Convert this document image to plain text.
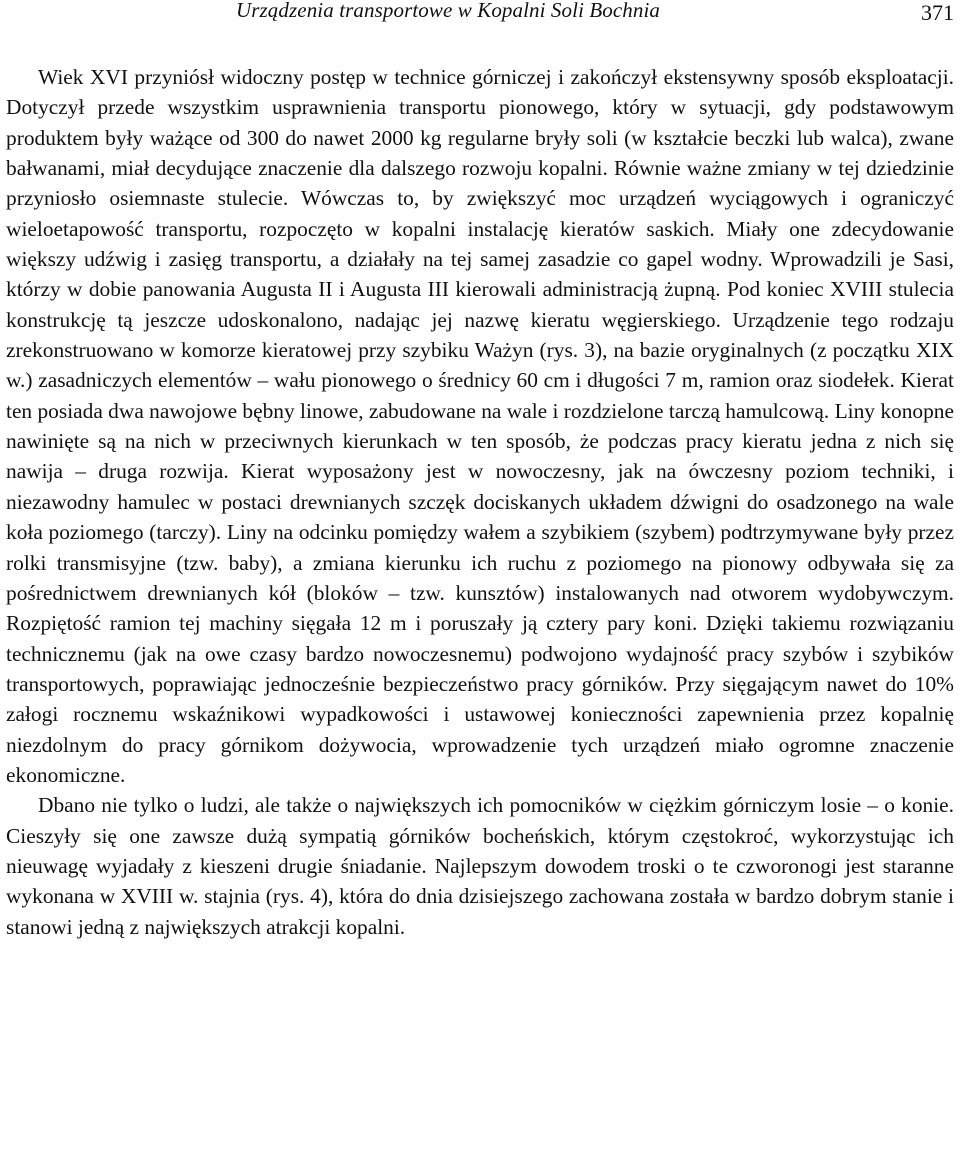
Urządzenia transportowe w Kopalni Soli Bochnia	371

Wiek XVI przyniósł widoczny postęp w technice górniczej i zakończył ekstensywny sposób eksploatacji. Dotyczył przede wszystkim usprawnienia transportu pionowego, który w sytuacji, gdy podstawowym produktem były ważące od 300 do nawet 2000 kg regularne bryły soli (w kształcie beczki lub walca), zwane bałwanami, miał decydujące znaczenie dla dalszego rozwoju kopalni. Równie ważne zmiany w tej dziedzinie przyniosło osiemnaste stulecie. Wówczas to, by zwiększyć moc urządzeń wyciągowych i ograniczyć wieloetapowość transportu, rozpoczęto w kopalni instalację kieratów saskich. Miały one zdecydowanie większy udźwig i zasięg transportu, a działały na tej samej zasadzie co gapel wodny. Wprowadzili je Sasi, którzy w dobie panowania Augusta II i Augusta III kierowali administracją żupną. Pod koniec XVIII stulecia konstrukcję tą jeszcze udoskonalono, nadając jej nazwę kieratu węgierskiego. Urządzenie tego rodzaju zrekonstruowano w komorze kieratowej przy szybiku Ważyn (rys. 3), na bazie oryginalnych (z początku XIX w.) zasadniczych elementów – wału pionowego o średnicy 60 cm i długości 7 m, ramion oraz siodełek. Kierat ten posiada dwa nawojowe bębny linowe, zabudowane na wale i rozdzielone tarczą hamulcową. Liny konopne nawinięte są na nich w przeciwnych kierunkach w ten sposób, że podczas pracy kieratu jedna z nich się nawija – druga rozwija. Kierat wyposażony jest w nowoczesny, jak na ówczesny poziom techniki, i niezawodny hamulec w postaci drewnianych szczęk dociskanych układem dźwigni do osadzonego na wale koła poziomego (tarczy). Liny na odcinku pomiędzy wałem a szybikiem (szybem) podtrzymywane były przez rolki transmisyjne (tzw. baby), a zmiana kierunku ich ruchu z poziomego na pionowy odbywała się za pośrednictwem drewnianych kół (bloków – tzw. kunsztów) instalowanych nad otworem wydobywczym. Rozpiętość ramion tej machiny sięgała 12 m i poruszały ją cztery pary koni. Dzięki takiemu rozwiązaniu technicznemu (jak na owe czasy bardzo nowoczesnemu) podwojono wydajność pracy szybów i szybików transportowych, poprawiając jednocześnie bezpieczeństwo pracy górników. Przy sięgającym nawet do 10% załogi rocznemu wskaźnikowi wypadkowości i ustawowej konieczności zapewnienia przez kopalnię niezdolnym do pracy górnikom dożywocia, wprowadzenie tych urządzeń miało ogromne znaczenie ekonomiczne.

Dbano nie tylko o ludzi, ale także o największych ich pomocników w ciężkim górniczym losie – o konie. Cieszyły się one zawsze dużą sympatią górników bocheńskich, którym częstokroć, wykorzystując ich nieuwagę wyjadały z kieszeni drugie śniadanie. Najlepszym dowodem troski o te czworonogi jest staranne wykonana w XVIII w. stajnia (rys. 4), która do dnia dzisiejszego zachowana została w bardzo dobrym stanie i stanowi jedną z największych atrakcji kopalni.
